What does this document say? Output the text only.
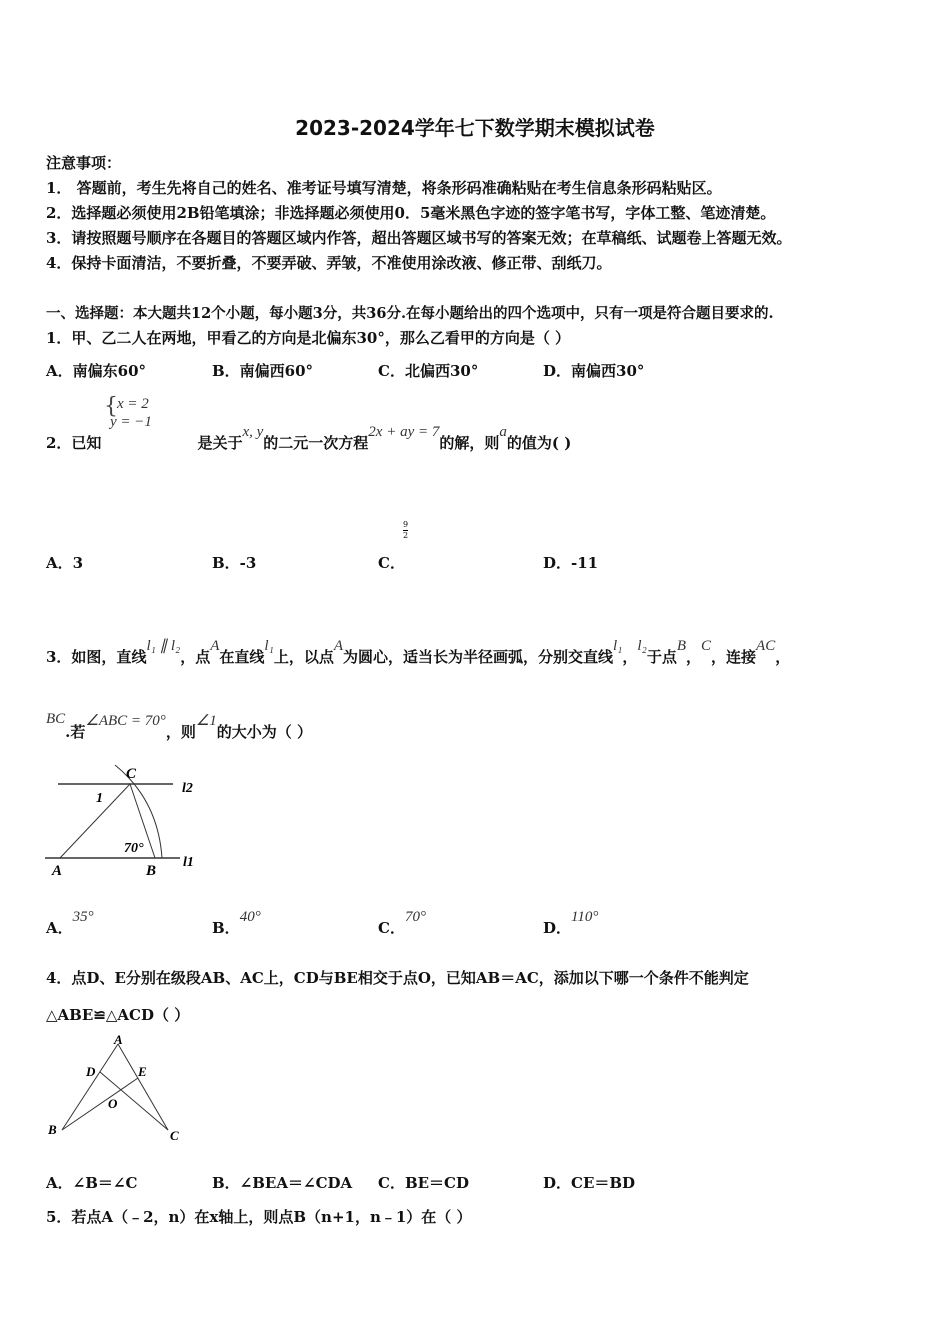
2023-2024学年七下数学期末模拟试卷
注意事项：
1． 答题前，考生先将自己的姓名、准考证号填写清楚，将条形码准确粘贴在考生信息条形码粘贴区。
2．选择题必须使用2B铅笔填涂；非选择题必须使用0．5毫米黑色字迹的签字笔书写，字体工整、笔迹清楚。
3．请按照题号顺序在各题目的答题区域内作答，超出答题区域书写的答案无效；在草稿纸、试题卷上答题无效。
4．保持卡面清洁，不要折叠，不要弄破、弄皱，不准使用涂改液、修正带、刮纸刀。
一、选择题：本大题共12个小题，每小题3分，共36分.在每小题给出的四个选项中，只有一项是符合题目要求的.
1．甲、乙二人在两地，甲看乙的方向是北偏东30°，那么乙看甲的方向是（ ）
A．南偏东60°	B．南偏西60°	C．北偏西30°	D．南偏西30°
2．已知	是关于x, y的二元一次方程2x + ay = 7的解，则a的值为( )
{ x = 2
y = −1
A．3	B．-3	C．
$\frac{9}{2}$
D．-11
3．如图，直线l₁ ∥ l₂，点A在直线l₁上，以点A为圆心，适当长为半径画弧，分别交直线l₁，l₂于点B，C，连接AC，
BC.若∠ABC = 70°，则∠1的大小为（ ）
C
l2
1
70°
l1
A	B
A．35°
B．40°
C．70°
D．110°
4．点D、E分别在级段AB、AC上，CD与BE相交于点O，已知AB＝AC，添加以下哪一个条件不能判定
△ABE≌△ACD（ ）
A
D	E
O
B	C
A．∠B＝∠C	B．∠BEA＝∠CDA C．BE＝CD	D．CE＝BD
5．若点A（﹣2，n）在x轴上，则点B（n+1，n﹣1）在（ ）
